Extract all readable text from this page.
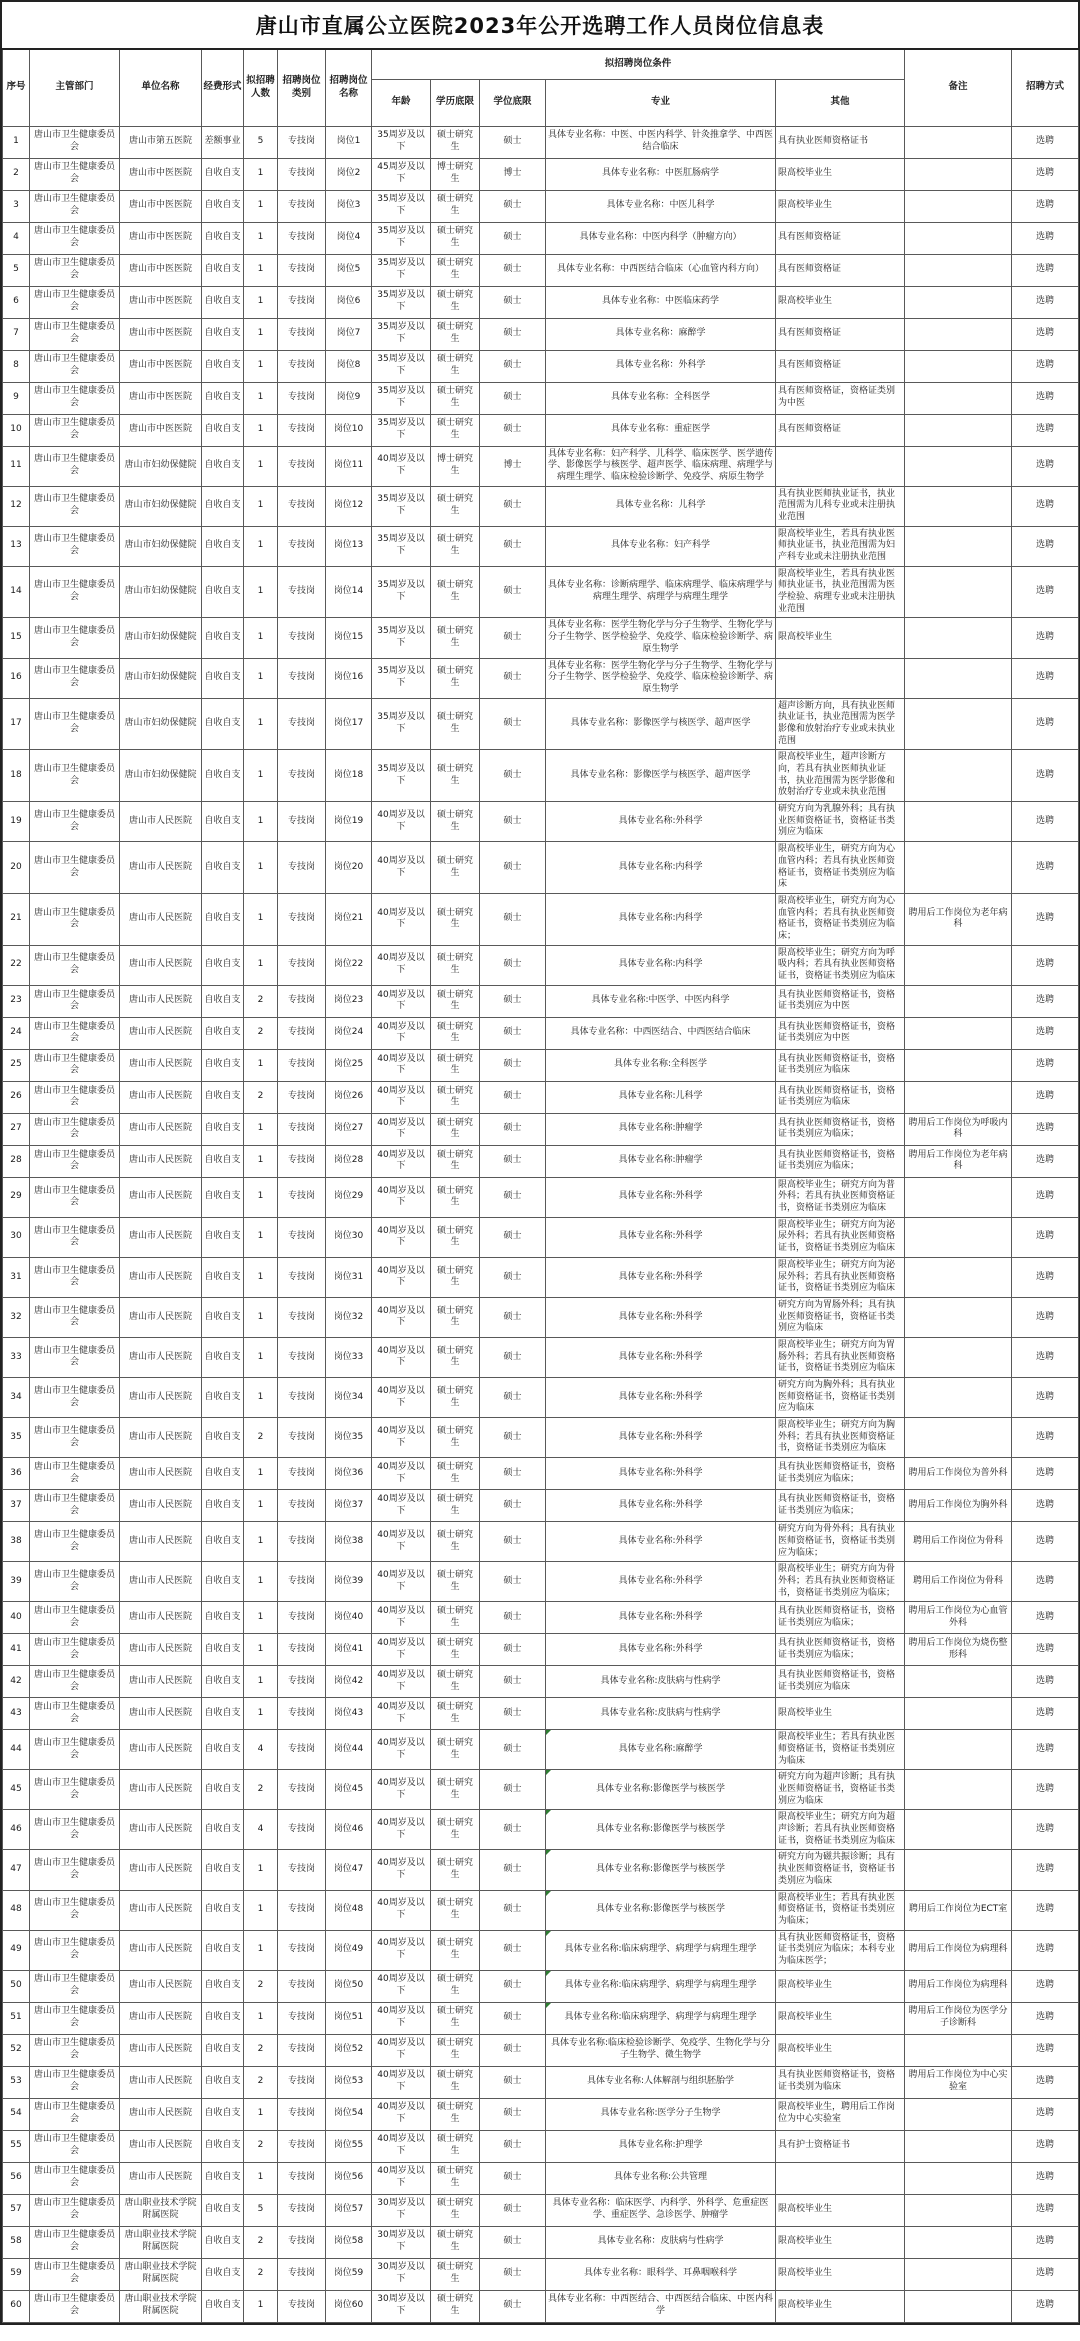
唐山市直属公立医院2023年公开选聘工作人员岗位信息表
序号	主管部门	单位名称	经费形式	拟招聘人数	招聘岗位类别	招聘岗位名称	拟招聘岗位条件					备注	招聘方式
							年龄	学历底限	学位底限	专业	其他		
1	唐山市卫生健康委员会	唐山市第五医院	差额事业	5	专技岗	岗位1	35周岁及以下	硕士研究生	硕士	具体专业名称：中医、中医内科学、针灸推拿学、中西医结合临床	具有执业医师资格证书		选聘
2	唐山市卫生健康委员会	唐山市中医医院	自收自支	1	专技岗	岗位2	45周岁及以下	博士研究生	博士	具体专业名称：中医肛肠病学	限高校毕业生		选聘
3	唐山市卫生健康委员会	唐山市中医医院	自收自支	1	专技岗	岗位3	35周岁及以下	硕士研究生	硕士	具体专业名称：中医儿科学	限高校毕业生		选聘
4	唐山市卫生健康委员会	唐山市中医医院	自收自支	1	专技岗	岗位4	35周岁及以下	硕士研究生	硕士	具体专业名称：中医内科学（肿瘤方向）	具有医师资格证		选聘
5	唐山市卫生健康委员会	唐山市中医医院	自收自支	1	专技岗	岗位5	35周岁及以下	硕士研究生	硕士	具体专业名称：中西医结合临床（心血管内科方向）	具有医师资格证		选聘
6	唐山市卫生健康委员会	唐山市中医医院	自收自支	1	专技岗	岗位6	35周岁及以下	硕士研究生	硕士	具体专业名称：中医临床药学	限高校毕业生		选聘
7	唐山市卫生健康委员会	唐山市中医医院	自收自支	1	专技岗	岗位7	35周岁及以下	硕士研究生	硕士	具体专业名称：麻醉学	具有医师资格证		选聘
8	唐山市卫生健康委员会	唐山市中医医院	自收自支	1	专技岗	岗位8	35周岁及以下	硕士研究生	硕士	具体专业名称：外科学	具有医师资格证		选聘
9	唐山市卫生健康委员会	唐山市中医医院	自收自支	1	专技岗	岗位9	35周岁及以下	硕士研究生	硕士	具体专业名称：全科医学	具有医师资格证，资格证类别为中医		选聘
10	唐山市卫生健康委员会	唐山市中医医院	自收自支	1	专技岗	岗位10	35周岁及以下	硕士研究生	硕士	具体专业名称：重症医学	具有医师资格证		选聘
11	唐山市卫生健康委员会	唐山市妇幼保健院	自收自支	1	专技岗	岗位11	40周岁及以下	博士研究生	博士	具体专业名称：妇产科学、儿科学、临床医学、医学遗传学、影像医学与核医学、超声医学、临床病理、病理学与病理生理学、临床检验诊断学、免疫学、病原生物学			选聘
12	唐山市卫生健康委员会	唐山市妇幼保健院	自收自支	1	专技岗	岗位12	35周岁及以下	硕士研究生	硕士	具体专业名称：儿科学	具有执业医师执业证书，执业范围需为儿科专业或未注册执业范围		选聘
13	唐山市卫生健康委员会	唐山市妇幼保健院	自收自支	1	专技岗	岗位13	35周岁及以下	硕士研究生	硕士	具体专业名称：妇产科学	限高校毕业生，若具有执业医师执业证书，执业范围需为妇产科专业或未注册执业范围		选聘
14	唐山市卫生健康委员会	唐山市妇幼保健院	自收自支	1	专技岗	岗位14	35周岁及以下	硕士研究生	硕士	具体专业名称：诊断病理学、临床病理学、临床病理学与病理生理学、病理学与病理生理学	限高校毕业生，若具有执业医师执业证书，执业范围需为医学检验、病理专业或未注册执业范围		选聘
15	唐山市卫生健康委员会	唐山市妇幼保健院	自收自支	1	专技岗	岗位15	35周岁及以下	硕士研究生	硕士	具体专业名称：医学生物化学与分子生物学、生物化学与分子生物学、医学检验学、免疫学、临床检验诊断学、病原生物学	限高校毕业生		选聘
16	唐山市卫生健康委员会	唐山市妇幼保健院	自收自支	1	专技岗	岗位16	35周岁及以下	硕士研究生	硕士	具体专业名称：医学生物化学与分子生物学、生物化学与分子生物学、医学检验学、免疫学、临床检验诊断学、病原生物学			选聘
17	唐山市卫生健康委员会	唐山市妇幼保健院	自收自支	1	专技岗	岗位17	35周岁及以下	硕士研究生	硕士	具体专业名称：影像医学与核医学、超声医学	超声诊断方向，具有执业医师执业证书，执业范围需为医学影像和放射治疗专业或未执业范围		选聘
18	唐山市卫生健康委员会	唐山市妇幼保健院	自收自支	1	专技岗	岗位18	35周岁及以下	硕士研究生	硕士	具体专业名称：影像医学与核医学、超声医学	限高校毕业生，超声诊断方向，若具有执业医师执业证书，执业范围需为医学影像和放射治疗专业或未执业范围		选聘
19	唐山市卫生健康委员会	唐山市人民医院	自收自支	1	专技岗	岗位19	40周岁及以下	硕士研究生	硕士	具体专业名称:外科学	研究方向为乳腺外科；具有执业医师资格证书，资格证书类别应为临床		选聘
20	唐山市卫生健康委员会	唐山市人民医院	自收自支	1	专技岗	岗位20	40周岁及以下	硕士研究生	硕士	具体专业名称:内科学	限高校毕业生，研究方向为心血管内科；若具有执业医师资格证书，资格证书类别应为临床		选聘
21	唐山市卫生健康委员会	唐山市人民医院	自收自支	1	专技岗	岗位21	40周岁及以下	硕士研究生	硕士	具体专业名称:内科学	限高校毕业生，研究方向为心血管内科；若具有执业医师资格证书，资格证书类别应为临床；	聘用后工作岗位为老年病科	选聘
22	唐山市卫生健康委员会	唐山市人民医院	自收自支	1	专技岗	岗位22	40周岁及以下	硕士研究生	硕士	具体专业名称:内科学	限高校毕业生；研究方向为呼吸内科；若具有执业医师资格证书，资格证书类别应为临床		选聘
23	唐山市卫生健康委员会	唐山市人民医院	自收自支	2	专技岗	岗位23	40周岁及以下	硕士研究生	硕士	具体专业名称:中医学、中医内科学	具有执业医师资格证书，资格证书类别应为中医		选聘
24	唐山市卫生健康委员会	唐山市人民医院	自收自支	2	专技岗	岗位24	40周岁及以下	硕士研究生	硕士	具体专业名称：中西医结合、中西医结合临床	具有执业医师资格证书，资格证书类别应为中医		选聘
25	唐山市卫生健康委员会	唐山市人民医院	自收自支	1	专技岗	岗位25	40周岁及以下	硕士研究生	硕士	具体专业名称:全科医学	具有执业医师资格证书，资格证书类别应为临床		选聘
26	唐山市卫生健康委员会	唐山市人民医院	自收自支	2	专技岗	岗位26	40周岁及以下	硕士研究生	硕士	具体专业名称:儿科学	具有执业医师资格证书，资格证书类别应为临床		选聘
27	唐山市卫生健康委员会	唐山市人民医院	自收自支	1	专技岗	岗位27	40周岁及以下	硕士研究生	硕士	具体专业名称:肿瘤学	具有执业医师资格证书，资格证书类别应为临床；	聘用后工作岗位为呼吸内科	选聘
28	唐山市卫生健康委员会	唐山市人民医院	自收自支	1	专技岗	岗位28	40周岁及以下	硕士研究生	硕士	具体专业名称:肿瘤学	具有执业医师资格证书，资格证书类别应为临床；	聘用后工作岗位为老年病科	选聘
29	唐山市卫生健康委员会	唐山市人民医院	自收自支	1	专技岗	岗位29	40周岁及以下	硕士研究生	硕士	具体专业名称:外科学	限高校毕业生；研究方向为普外科；若具有执业医师资格证书，资格证书类别应为临床		选聘
30	唐山市卫生健康委员会	唐山市人民医院	自收自支	1	专技岗	岗位30	40周岁及以下	硕士研究生	硕士	具体专业名称:外科学	限高校毕业生；研究方向为泌尿外科；若具有执业医师资格证书，资格证书类别应为临床		选聘
31	唐山市卫生健康委员会	唐山市人民医院	自收自支	1	专技岗	岗位31	40周岁及以下	硕士研究生	硕士	具体专业名称:外科学	限高校毕业生；研究方向为泌尿外科；若具有执业医师资格证书，资格证书类别应为临床		选聘
32	唐山市卫生健康委员会	唐山市人民医院	自收自支	1	专技岗	岗位32	40周岁及以下	硕士研究生	硕士	具体专业名称:外科学	研究方向为胃肠外科；具有执业医师资格证书，资格证书类别应为临床		选聘
33	唐山市卫生健康委员会	唐山市人民医院	自收自支	1	专技岗	岗位33	40周岁及以下	硕士研究生	硕士	具体专业名称:外科学	限高校毕业生；研究方向为胃肠外科；若具有执业医师资格证书，资格证书类别应为临床		选聘
34	唐山市卫生健康委员会	唐山市人民医院	自收自支	1	专技岗	岗位34	40周岁及以下	硕士研究生	硕士	具体专业名称:外科学	研究方向为胸外科；具有执业医师资格证书，资格证书类别应为临床		选聘
35	唐山市卫生健康委员会	唐山市人民医院	自收自支	2	专技岗	岗位35	40周岁及以下	硕士研究生	硕士	具体专业名称:外科学	限高校毕业生；研究方向为胸外科；若具有执业医师资格证书，资格证书类别应为临床		选聘
36	唐山市卫生健康委员会	唐山市人民医院	自收自支	1	专技岗	岗位36	40周岁及以下	硕士研究生	硕士	具体专业名称:外科学	具有执业医师资格证书，资格证书类别应为临床；	聘用后工作岗位为普外科	选聘
37	唐山市卫生健康委员会	唐山市人民医院	自收自支	1	专技岗	岗位37	40周岁及以下	硕士研究生	硕士	具体专业名称:外科学	具有执业医师资格证书，资格证书类别应为临床；	聘用后工作岗位为胸外科	选聘
38	唐山市卫生健康委员会	唐山市人民医院	自收自支	1	专技岗	岗位38	40周岁及以下	硕士研究生	硕士	具体专业名称:外科学	研究方向为骨外科；具有执业医师资格证书，资格证书类别应为临床；	聘用后工作岗位为骨科	选聘
39	唐山市卫生健康委员会	唐山市人民医院	自收自支	1	专技岗	岗位39	40周岁及以下	硕士研究生	硕士	具体专业名称:外科学	限高校毕业生；研究方向为骨外科；若具有执业医师资格证书，资格证书类别应为临床；	聘用后工作岗位为骨科	选聘
40	唐山市卫生健康委员会	唐山市人民医院	自收自支	1	专技岗	岗位40	40周岁及以下	硕士研究生	硕士	具体专业名称:外科学	具有执业医师资格证书，资格证书类别应为临床；	聘用后工作岗位为心血管外科	选聘
41	唐山市卫生健康委员会	唐山市人民医院	自收自支	1	专技岗	岗位41	40周岁及以下	硕士研究生	硕士	具体专业名称:外科学	具有执业医师资格证书，资格证书类别应为临床；	聘用后工作岗位为烧伤整形科	选聘
42	唐山市卫生健康委员会	唐山市人民医院	自收自支	1	专技岗	岗位42	40周岁及以下	硕士研究生	硕士	具体专业名称:皮肤病与性病学	具有执业医师资格证书，资格证书类别应为临床		选聘
43	唐山市卫生健康委员会	唐山市人民医院	自收自支	1	专技岗	岗位43	40周岁及以下	硕士研究生	硕士	具体专业名称:皮肤病与性病学	限高校毕业生		选聘
44	唐山市卫生健康委员会	唐山市人民医院	自收自支	4	专技岗	岗位44	40周岁及以下	硕士研究生	硕士	具体专业名称:麻醉学	限高校毕业生；若具有执业医师资格证书，资格证书类别应为临床		选聘
45	唐山市卫生健康委员会	唐山市人民医院	自收自支	2	专技岗	岗位45	40周岁及以下	硕士研究生	硕士	具体专业名称:影像医学与核医学	研究方向为超声诊断；具有执业医师资格证书，资格证书类别应为临床		选聘
46	唐山市卫生健康委员会	唐山市人民医院	自收自支	4	专技岗	岗位46	40周岁及以下	硕士研究生	硕士	具体专业名称:影像医学与核医学	限高校毕业生；研究方向为超声诊断；若具有执业医师资格证书，资格证书类别应为临床		选聘
47	唐山市卫生健康委员会	唐山市人民医院	自收自支	1	专技岗	岗位47	40周岁及以下	硕士研究生	硕士	具体专业名称:影像医学与核医学	研究方向为磁共振诊断；具有执业医师资格证书，资格证书类别应为临床		选聘
48	唐山市卫生健康委员会	唐山市人民医院	自收自支	1	专技岗	岗位48	40周岁及以下	硕士研究生	硕士	具体专业名称:影像医学与核医学	限高校毕业生；若具有执业医师资格证书，资格证书类别应为临床；	聘用后工作岗位为ECT室	选聘
49	唐山市卫生健康委员会	唐山市人民医院	自收自支	1	专技岗	岗位49	40周岁及以下	硕士研究生	硕士	具体专业名称:临床病理学、病理学与病理生理学	具有执业医师资格证书，资格证书类别应为临床；本科专业为临床医学；	聘用后工作岗位为病理科	选聘
50	唐山市卫生健康委员会	唐山市人民医院	自收自支	2	专技岗	岗位50	40周岁及以下	硕士研究生	硕士	具体专业名称:临床病理学、病理学与病理生理学	限高校毕业生	聘用后工作岗位为病理科	选聘
51	唐山市卫生健康委员会	唐山市人民医院	自收自支	1	专技岗	岗位51	40周岁及以下	硕士研究生	硕士	具体专业名称:临床病理学、病理学与病理生理学	限高校毕业生	聘用后工作岗位为医学分子诊断科	选聘
52	唐山市卫生健康委员会	唐山市人民医院	自收自支	2	专技岗	岗位52	40周岁及以下	硕士研究生	硕士	具体专业名称:临床检验诊断学、免疫学、生物化学与分子生物学、微生物学	限高校毕业生		选聘
53	唐山市卫生健康委员会	唐山市人民医院	自收自支	2	专技岗	岗位53	40周岁及以下	硕士研究生	硕士	具体专业名称:人体解剖与组织胚胎学	具有执业医师资格证书，资格证书类别为临床	聘用后工作岗位为中心实验室	选聘
54	唐山市卫生健康委员会	唐山市人民医院	自收自支	1	专技岗	岗位54	40周岁及以下	硕士研究生	硕士	具体专业名称:医学分子生物学	限高校毕业生，聘用后工作岗位为中心实验室		选聘
55	唐山市卫生健康委员会	唐山市人民医院	自收自支	2	专技岗	岗位55	40周岁及以下	硕士研究生	硕士	具体专业名称:护理学	具有护士资格证书		选聘
56	唐山市卫生健康委员会	唐山市人民医院	自收自支	1	专技岗	岗位56	40周岁及以下	硕士研究生	硕士	具体专业名称:公共管理			选聘
57	唐山市卫生健康委员会	唐山职业技术学院附属医院	自收自支	5	专技岗	岗位57	30周岁及以下	硕士研究生	硕士	具体专业名称：临床医学、内科学、外科学、危重症医学、重症医学、急诊医学、肿瘤学	限高校毕业生		选聘
58	唐山市卫生健康委员会	唐山职业技术学院附属医院	自收自支	2	专技岗	岗位58	30周岁及以下	硕士研究生	硕士	具体专业名称：皮肤病与性病学	限高校毕业生		选聘
59	唐山市卫生健康委员会	唐山职业技术学院附属医院	自收自支	2	专技岗	岗位59	30周岁及以下	硕士研究生	硕士	具体专业名称：眼科学、耳鼻咽喉科学	限高校毕业生		选聘
60	唐山市卫生健康委员会	唐山职业技术学院附属医院	自收自支	1	专技岗	岗位60	30周岁及以下	硕士研究生	硕士	具体专业名称：中西医结合、中西医结合临床、中医内科学	限高校毕业生		选聘
